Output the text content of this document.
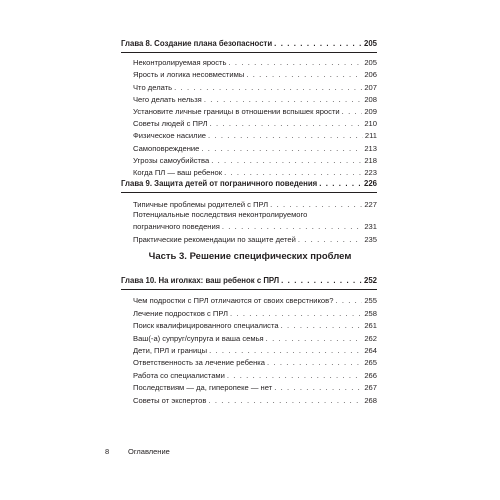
Глава 8. Создание плана безопасности . . .	205
Неконтролируемая ярость . . .	205
Ярость и логика несовместимы . . .	206
Что делать . . .	207
Чего делать нельзя . . .	208
Установите личные границы в отношении вспышек ярости . . .	209
Советы людей с ПРЛ . . .	210
Физическое насилие . . .	211
Самоповреждение . . .	213
Угрозы самоубийства . . .	218
Когда ПЛ — ваш ребенок . . .	223
Глава 9. Защита детей от пограничного поведения . . .	226
Типичные проблемы родителей с ПРЛ . . .	227
Потенциальные последствия неконтролируемого
пограничного поведения . . .	231
Практические рекомендации по защите детей . . .	235
Часть 3. Решение специфических проблем
Глава 10. На иголках: ваш ребенок с ПРЛ . . .	252
Чем подростки с ПРЛ отличаются от своих сверстников? . . .	255
Лечение подростков с ПРЛ . . .	258
Поиск квалифицированного специалиста . . .	261
Ваш(-а) супруг/супруга и ваша семья . . .	262
Дети, ПРЛ и границы . . .	264
Ответственность за лечение ребенка . . .	265
Работа со специалистами . . .	266
Последствиям — да, гиперопеке — нет . . .	267
Советы от экспертов . . .	268
8	Оглавление
